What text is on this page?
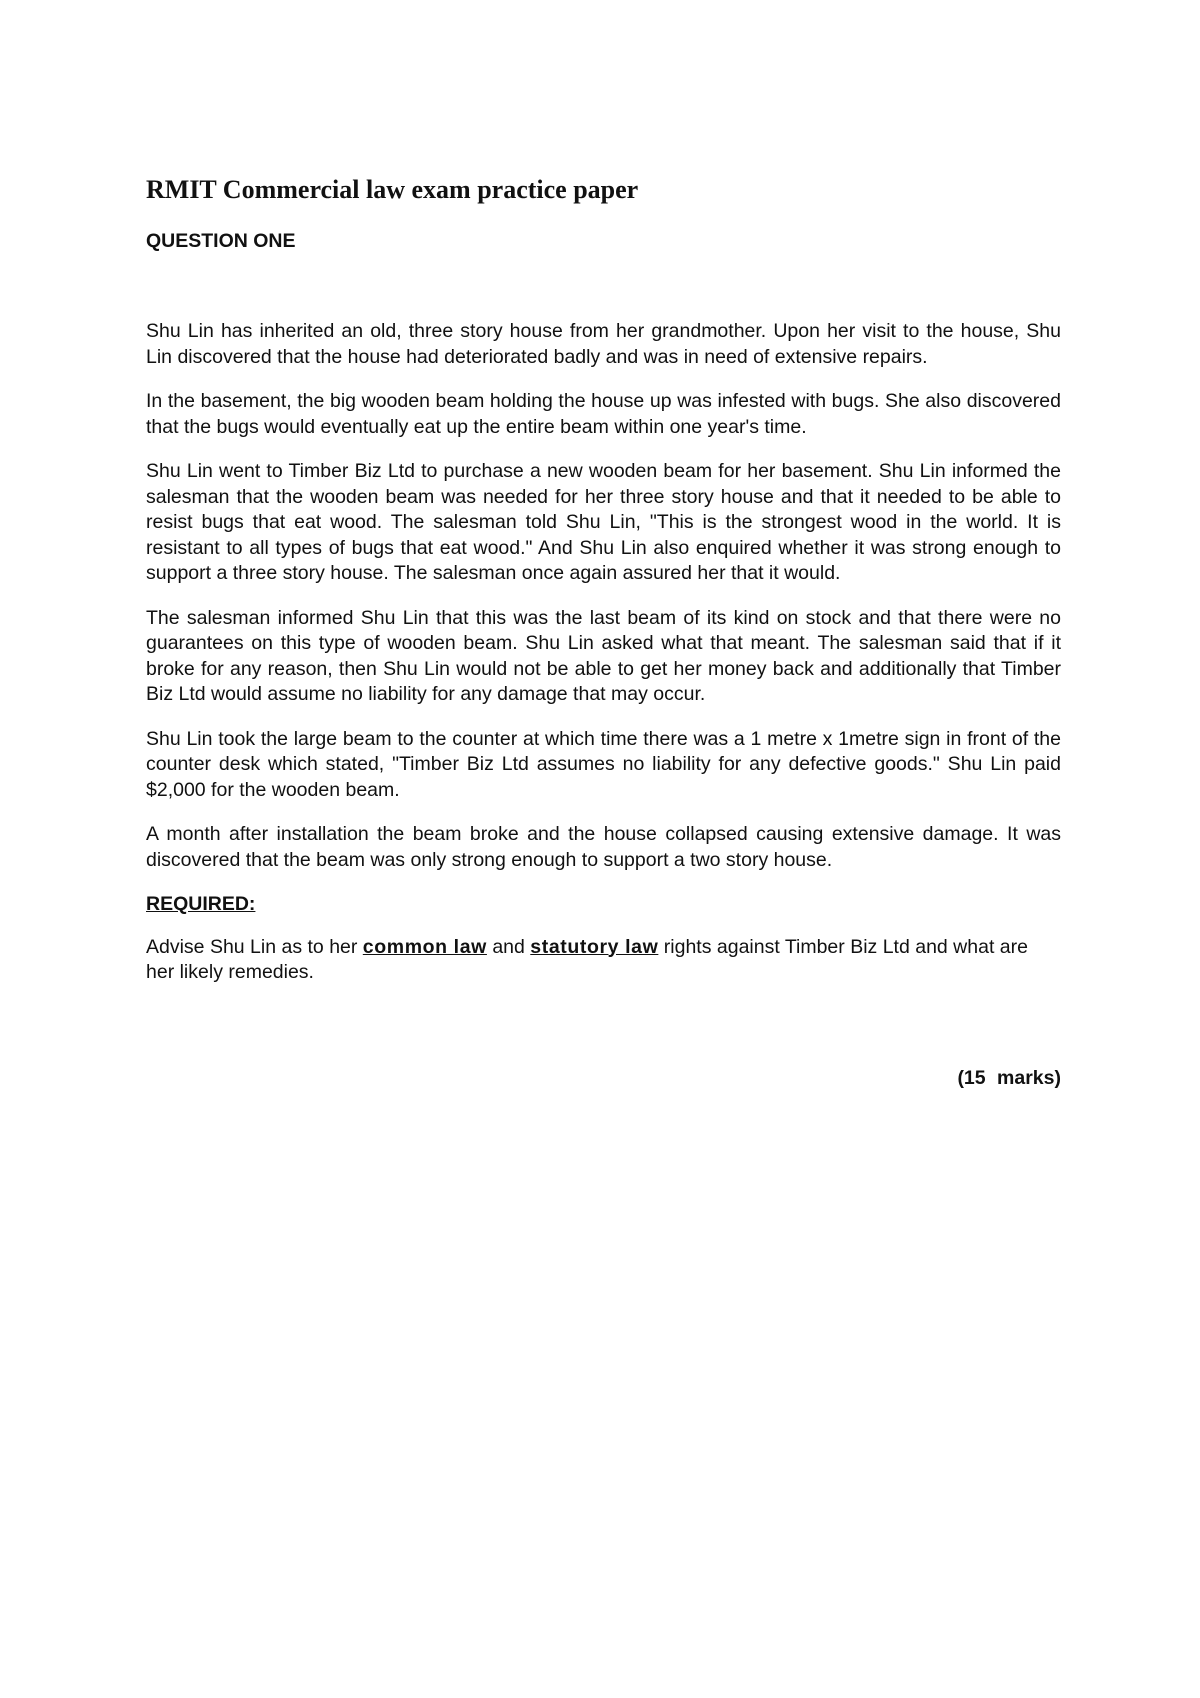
RMIT Commercial law exam practice paper
QUESTION ONE

Shu Lin has inherited an old, three story house from her grandmother. Upon her visit to the house, Shu Lin discovered that the house had deteriorated badly and was in need of extensive repairs.

In the basement, the big wooden beam holding the house up was infested with bugs. She also discovered that the bugs would eventually eat up the entire beam within one year's time.

Shu Lin went to Timber Biz Ltd to purchase a new wooden beam for her basement. Shu Lin informed the salesman that the wooden beam was needed for her three story house and that it needed to be able to resist bugs that eat wood. The salesman told Shu Lin, "This is the strongest wood in the world. It is resistant to all types of bugs that eat wood." And Shu Lin also enquired whether it was strong enough to support a three story house. The salesman once again assured her that it would.

The salesman informed Shu Lin that this was the last beam of its kind on stock and that there were no guarantees on this type of wooden beam. Shu Lin asked what that meant. The salesman said that if it broke for any reason, then Shu Lin would not be able to get her money back and additionally that Timber Biz Ltd would assume no liability for any damage that may occur.

Shu Lin took the large beam to the counter at which time there was a 1 metre x 1metre sign in front of the counter desk which stated, "Timber Biz Ltd assumes no liability for any defective goods." Shu Lin paid $2,000 for the wooden beam.

A month after installation the beam broke and the house collapsed causing extensive damage. It was discovered that the beam was only strong enough to support a two story house.

REQUIRED:

Advise Shu Lin as to her common law and statutory law rights against Timber Biz Ltd and what are her likely remedies.

(15 marks)
